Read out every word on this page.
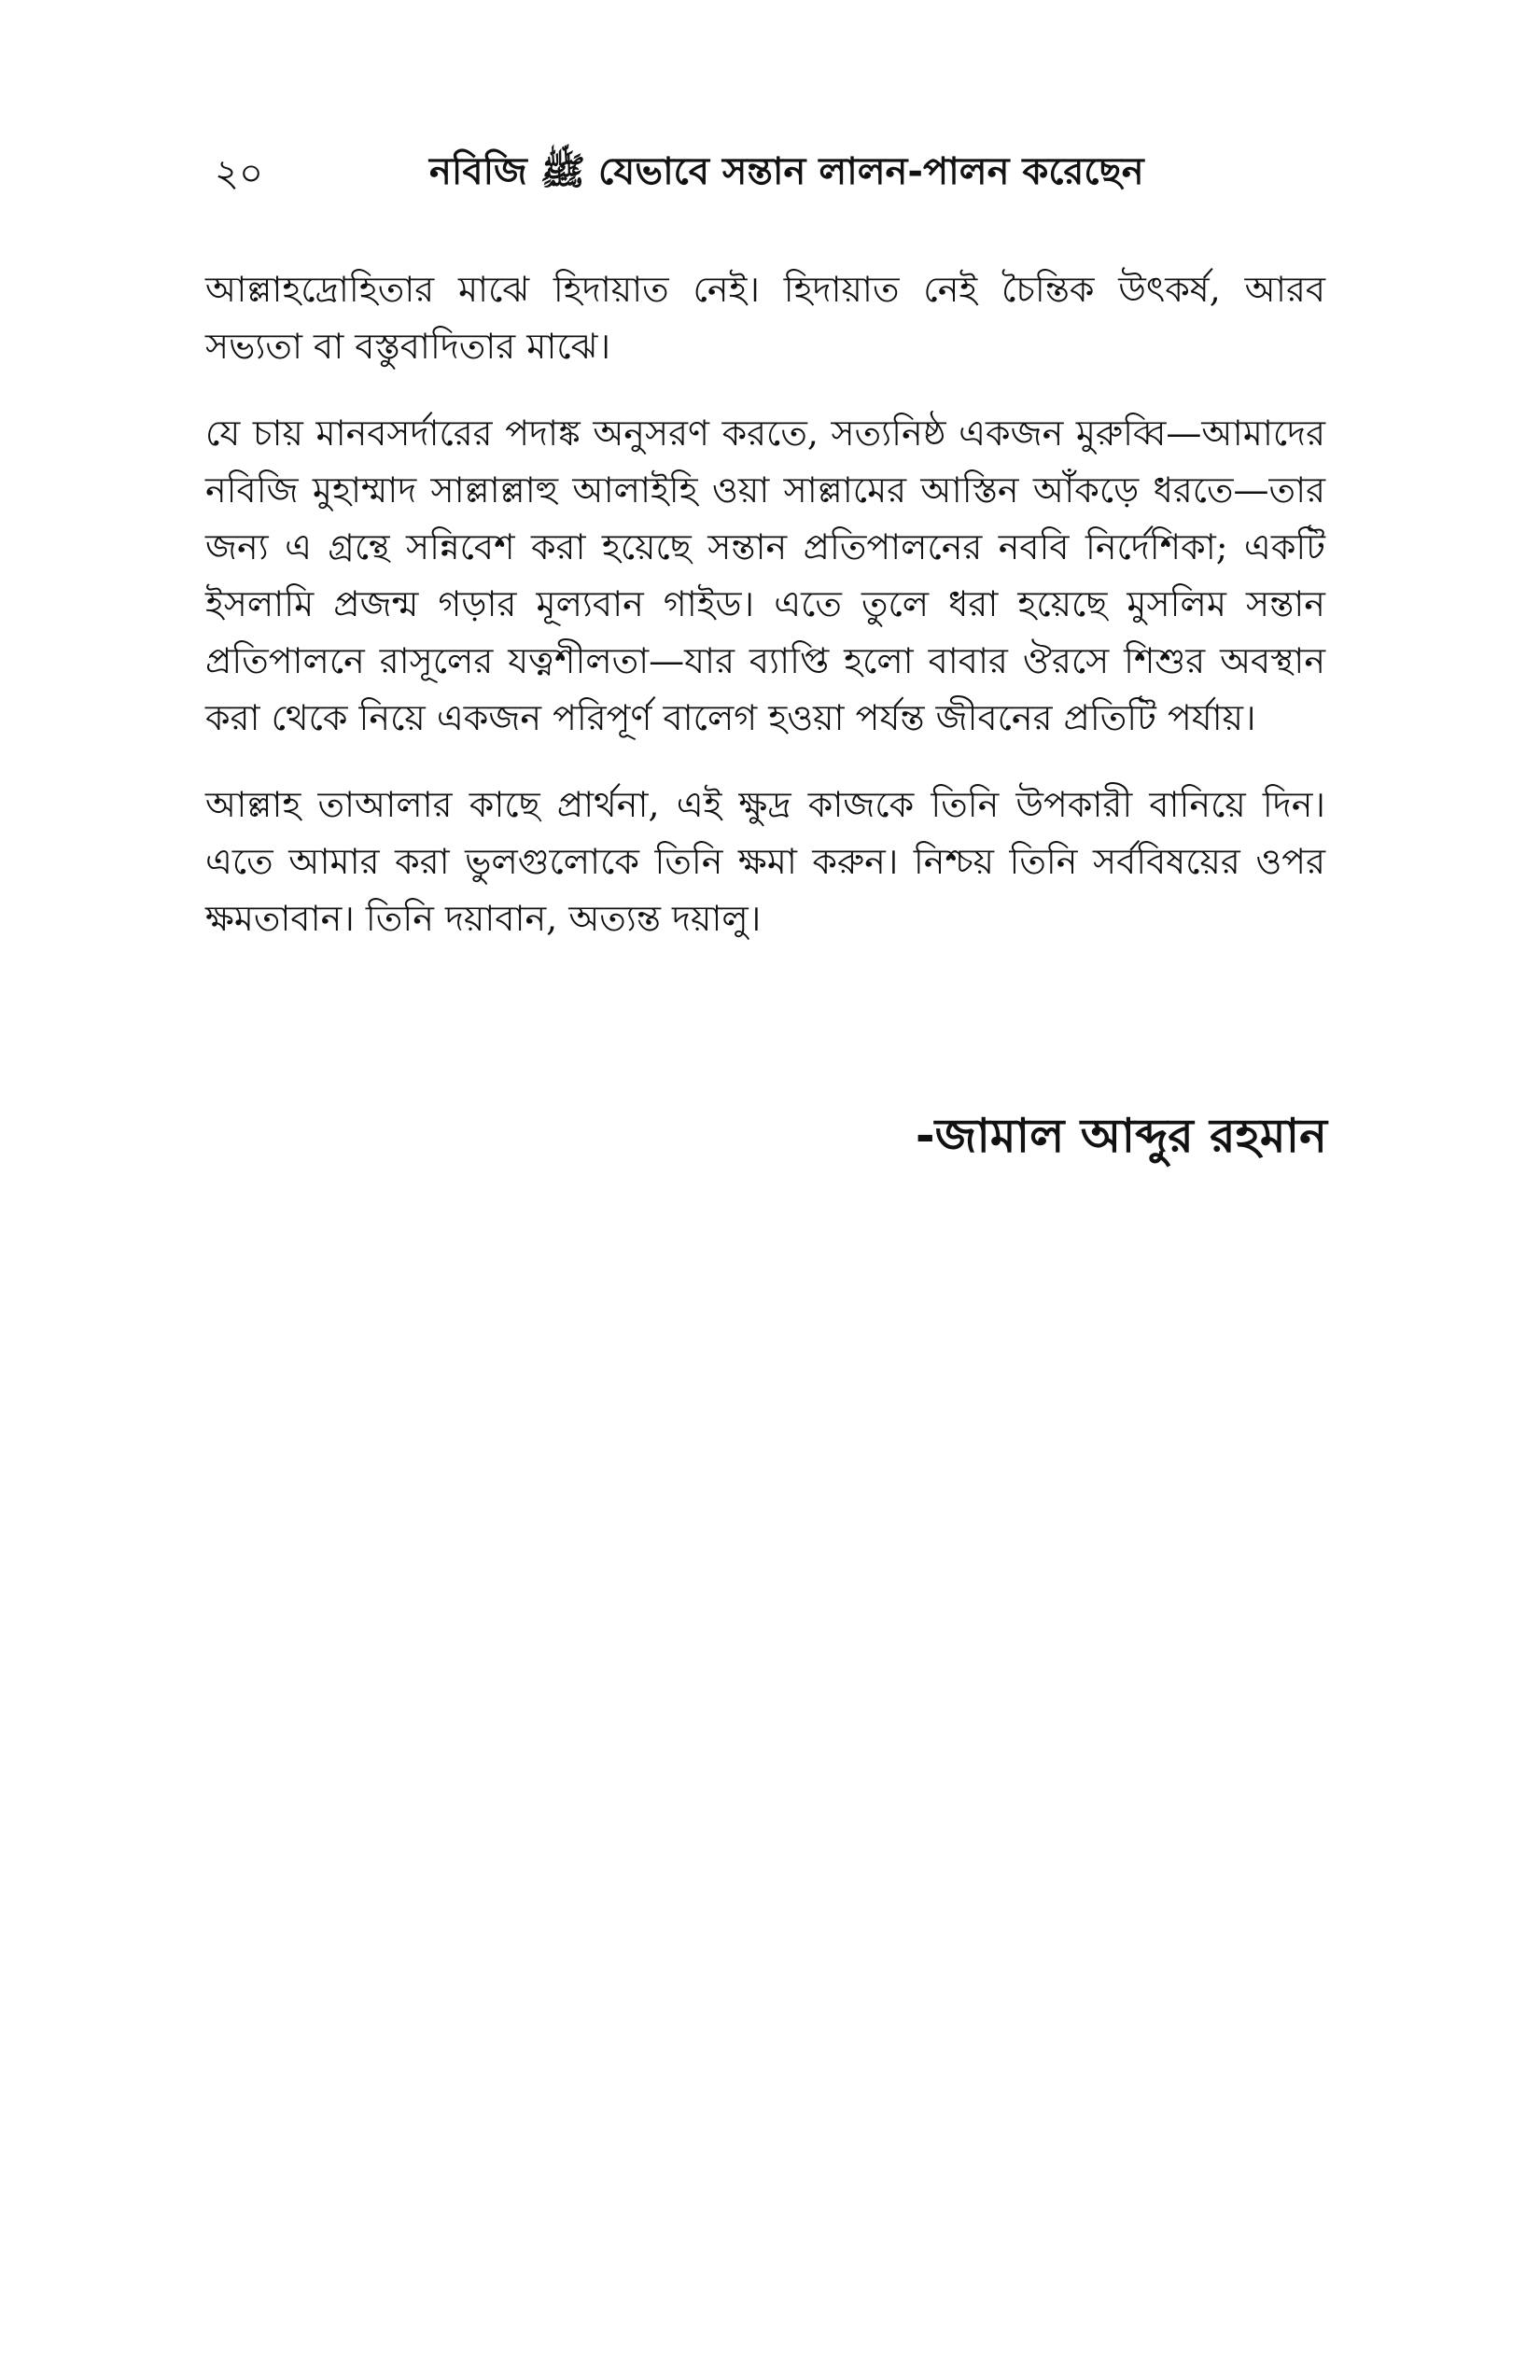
২০	নবিজি ﷺ যেভাবে সন্তান লালন-পালন করেছেন

আল্লাহদ্রোহিতার মাঝে হিদায়াত নেই। হিদায়াত নেই চৈন্তিক উৎকর্ষ, আরব সভ্যতা বা বস্তুবাদিতার মাঝে।

যে চায় মানবসর্দারের পদাঙ্ক অনুসরণ করতে, সত্যনিষ্ঠ একজন মুরুব্বি—আমাদের নবিজি মুহাম্মাদ সাল্লাল্লাহু আলাইহি ওয়া সাল্লামের আস্তিন আঁকড়ে ধরতে—তার জন্য এ গ্রন্থে সন্নিবেশ করা হয়েছে সন্তান প্রতিপালনের নববি নির্দেশিকা; একটি ইসলামি প্রজন্ম গড়ার মূল্যবান গাইড। এতে তুলে ধরা হয়েছে মুসলিম সন্তান প্রতিপালনে রাসূলের যত্নশীলতা—যার ব্যাপ্তি হলো বাবার ঔরসে শিশুর অবস্থান করা থেকে নিয়ে একজন পরিপূর্ণ বালেগ হওয়া পর্যন্ত জীবনের প্রতিটি পর্যায়।

আল্লাহ তাআলার কাছে প্রার্থনা, এই ক্ষুদ্র কাজকে তিনি উপকারী বানিয়ে দিন। এতে আমার করা ভুলগুলোকে তিনি ক্ষমা করুন। নিশ্চয় তিনি সর্ববিষয়ের ওপর ক্ষমতাবান। তিনি দয়াবান, অত্যন্ত দয়ালু।

-জামাল আব্দুর রহমান
